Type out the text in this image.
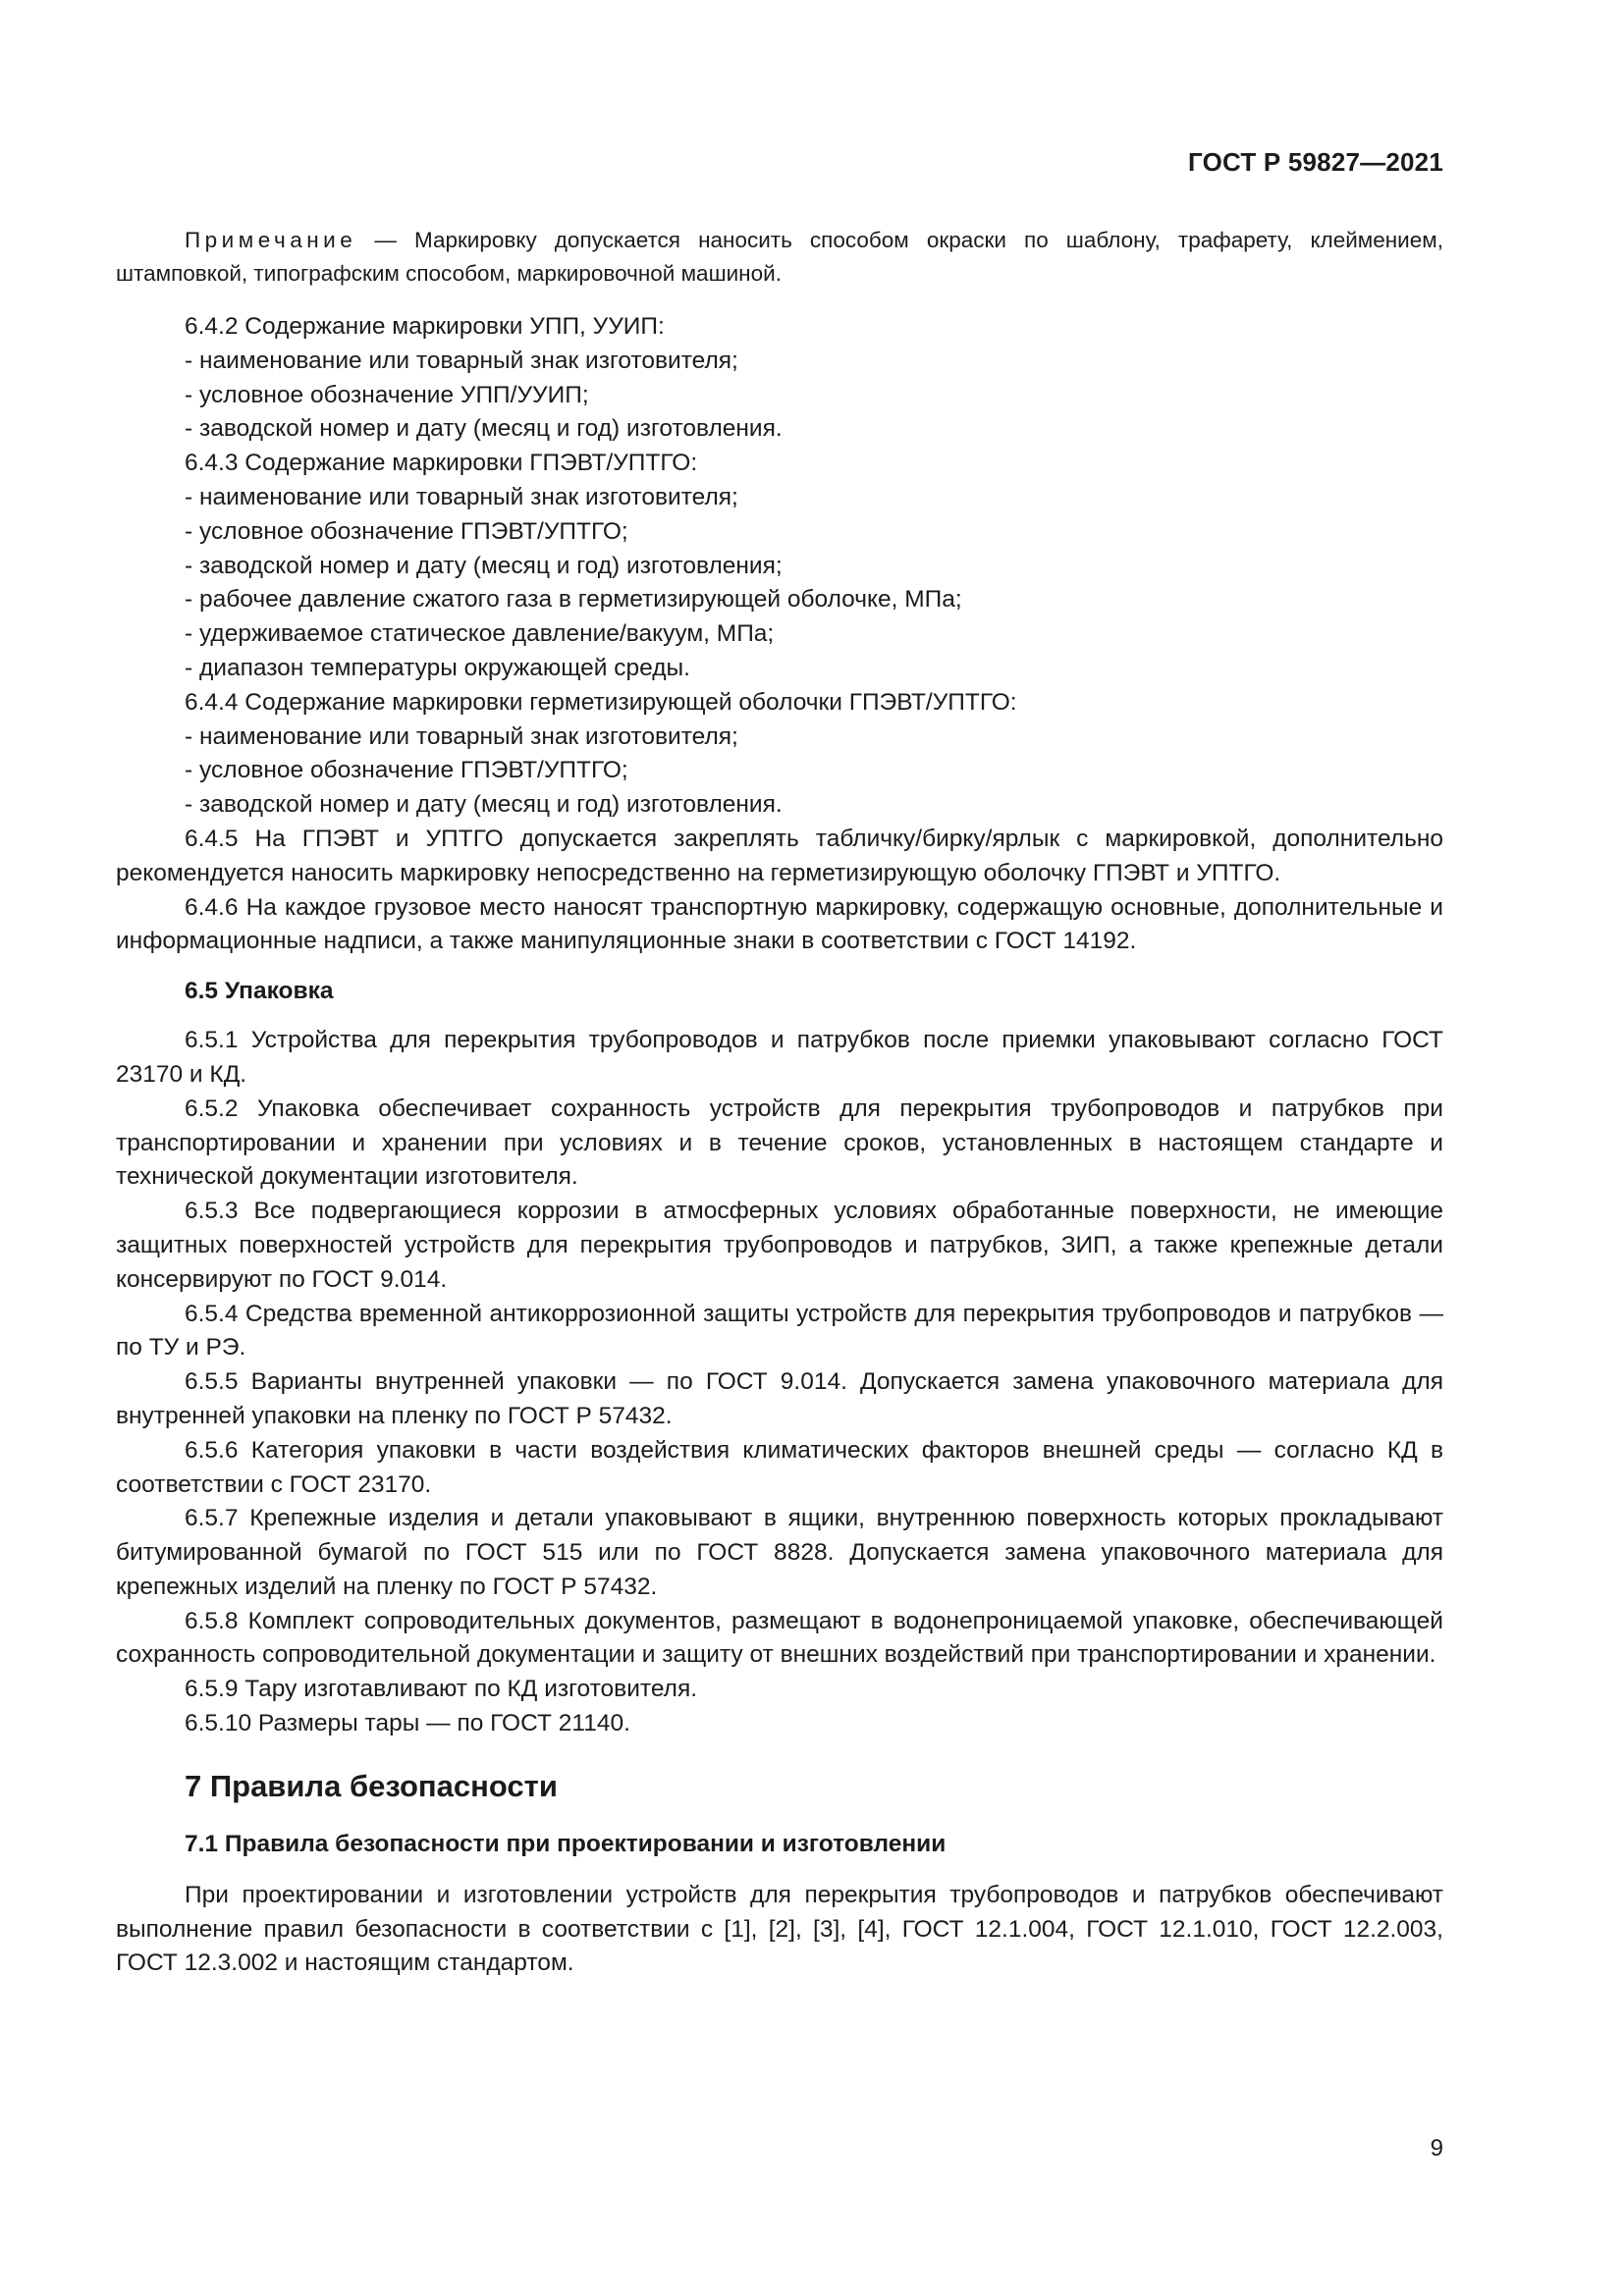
ГОСТ Р 59827—2021
Примечание — Маркировку допускается наносить способом окраски по шаблону, трафарету, клеймением, штамповкой, типографским способом, маркировочной машиной.

6.4.2 Содержание маркировки УПП, УУИП:

- наименование или товарный знак изготовителя;

- условное обозначение УПП/УУИП;

- заводской номер и дату (месяц и год) изготовления.

6.4.3 Содержание маркировки ГПЭВТ/УПТГО:

- наименование или товарный знак изготовителя;

- условное обозначение ГПЭВТ/УПТГО;

- заводской номер и дату (месяц и год) изготовления;

- рабочее давление сжатого газа в герметизирующей оболочке, МПа;

- удерживаемое статическое давление/вакуум, МПа;

- диапазон температуры окружающей среды.

6.4.4 Содержание маркировки герметизирующей оболочки ГПЭВТ/УПТГО:

- наименование или товарный знак изготовителя;

- условное обозначение ГПЭВТ/УПТГО;

- заводской номер и дату (месяц и год) изготовления.

6.4.5 На ГПЭВТ и УПТГО допускается закреплять табличку/бирку/ярлык с маркировкой, дополнительно рекомендуется наносить маркировку непосредственно на герметизирующую оболочку ГПЭВТ и УПТГО.

6.4.6 На каждое грузовое место наносят транспортную маркировку, содержащую основные, дополнительные и информационные надписи, а также манипуляционные знаки в соответствии с ГОСТ 14192.

6.5 Упаковка

6.5.1 Устройства для перекрытия трубопроводов и патрубков после приемки упаковывают согласно ГОСТ 23170 и КД.

6.5.2 Упаковка обеспечивает сохранность устройств для перекрытия трубопроводов и патрубков при транспортировании и хранении при условиях и в течение сроков, установленных в настоящем стандарте и технической документации изготовителя.

6.5.3 Все подвергающиеся коррозии в атмосферных условиях обработанные поверхности, не имеющие защитных поверхностей устройств для перекрытия трубопроводов и патрубков, ЗИП, а также крепежные детали консервируют по ГОСТ 9.014.

6.5.4 Средства временной антикоррозионной защиты устройств для перекрытия трубопроводов и патрубков — по ТУ и РЭ.

6.5.5 Варианты внутренней упаковки — по ГОСТ 9.014. Допускается замена упаковочного материала для внутренней упаковки на пленку по ГОСТ Р 57432.

6.5.6 Категория упаковки в части воздействия климатических факторов внешней среды — согласно КД в соответствии с ГОСТ 23170.

6.5.7 Крепежные изделия и детали упаковывают в ящики, внутреннюю поверхность которых прокладывают битумированной бумагой по ГОСТ 515 или по ГОСТ 8828. Допускается замена упаковочного материала для крепежных изделий на пленку по ГОСТ Р 57432.

6.5.8 Комплект сопроводительных документов, размещают в водонепроницаемой упаковке, обеспечивающей сохранность сопроводительной документации и защиту от внешних воздействий при транспортировании и хранении.

6.5.9 Тару изготавливают по КД изготовителя.

6.5.10 Размеры тары — по ГОСТ 21140.

7 Правила безопасности
7.1 Правила безопасности при проектировании и изготовлении

При проектировании и изготовлении устройств для перекрытия трубопроводов и патрубков обеспечивают выполнение правил безопасности в соответствии с [1], [2], [3], [4], ГОСТ 12.1.004, ГОСТ 12.1.010, ГОСТ 12.2.003, ГОСТ 12.3.002 и настоящим стандартом.

9
